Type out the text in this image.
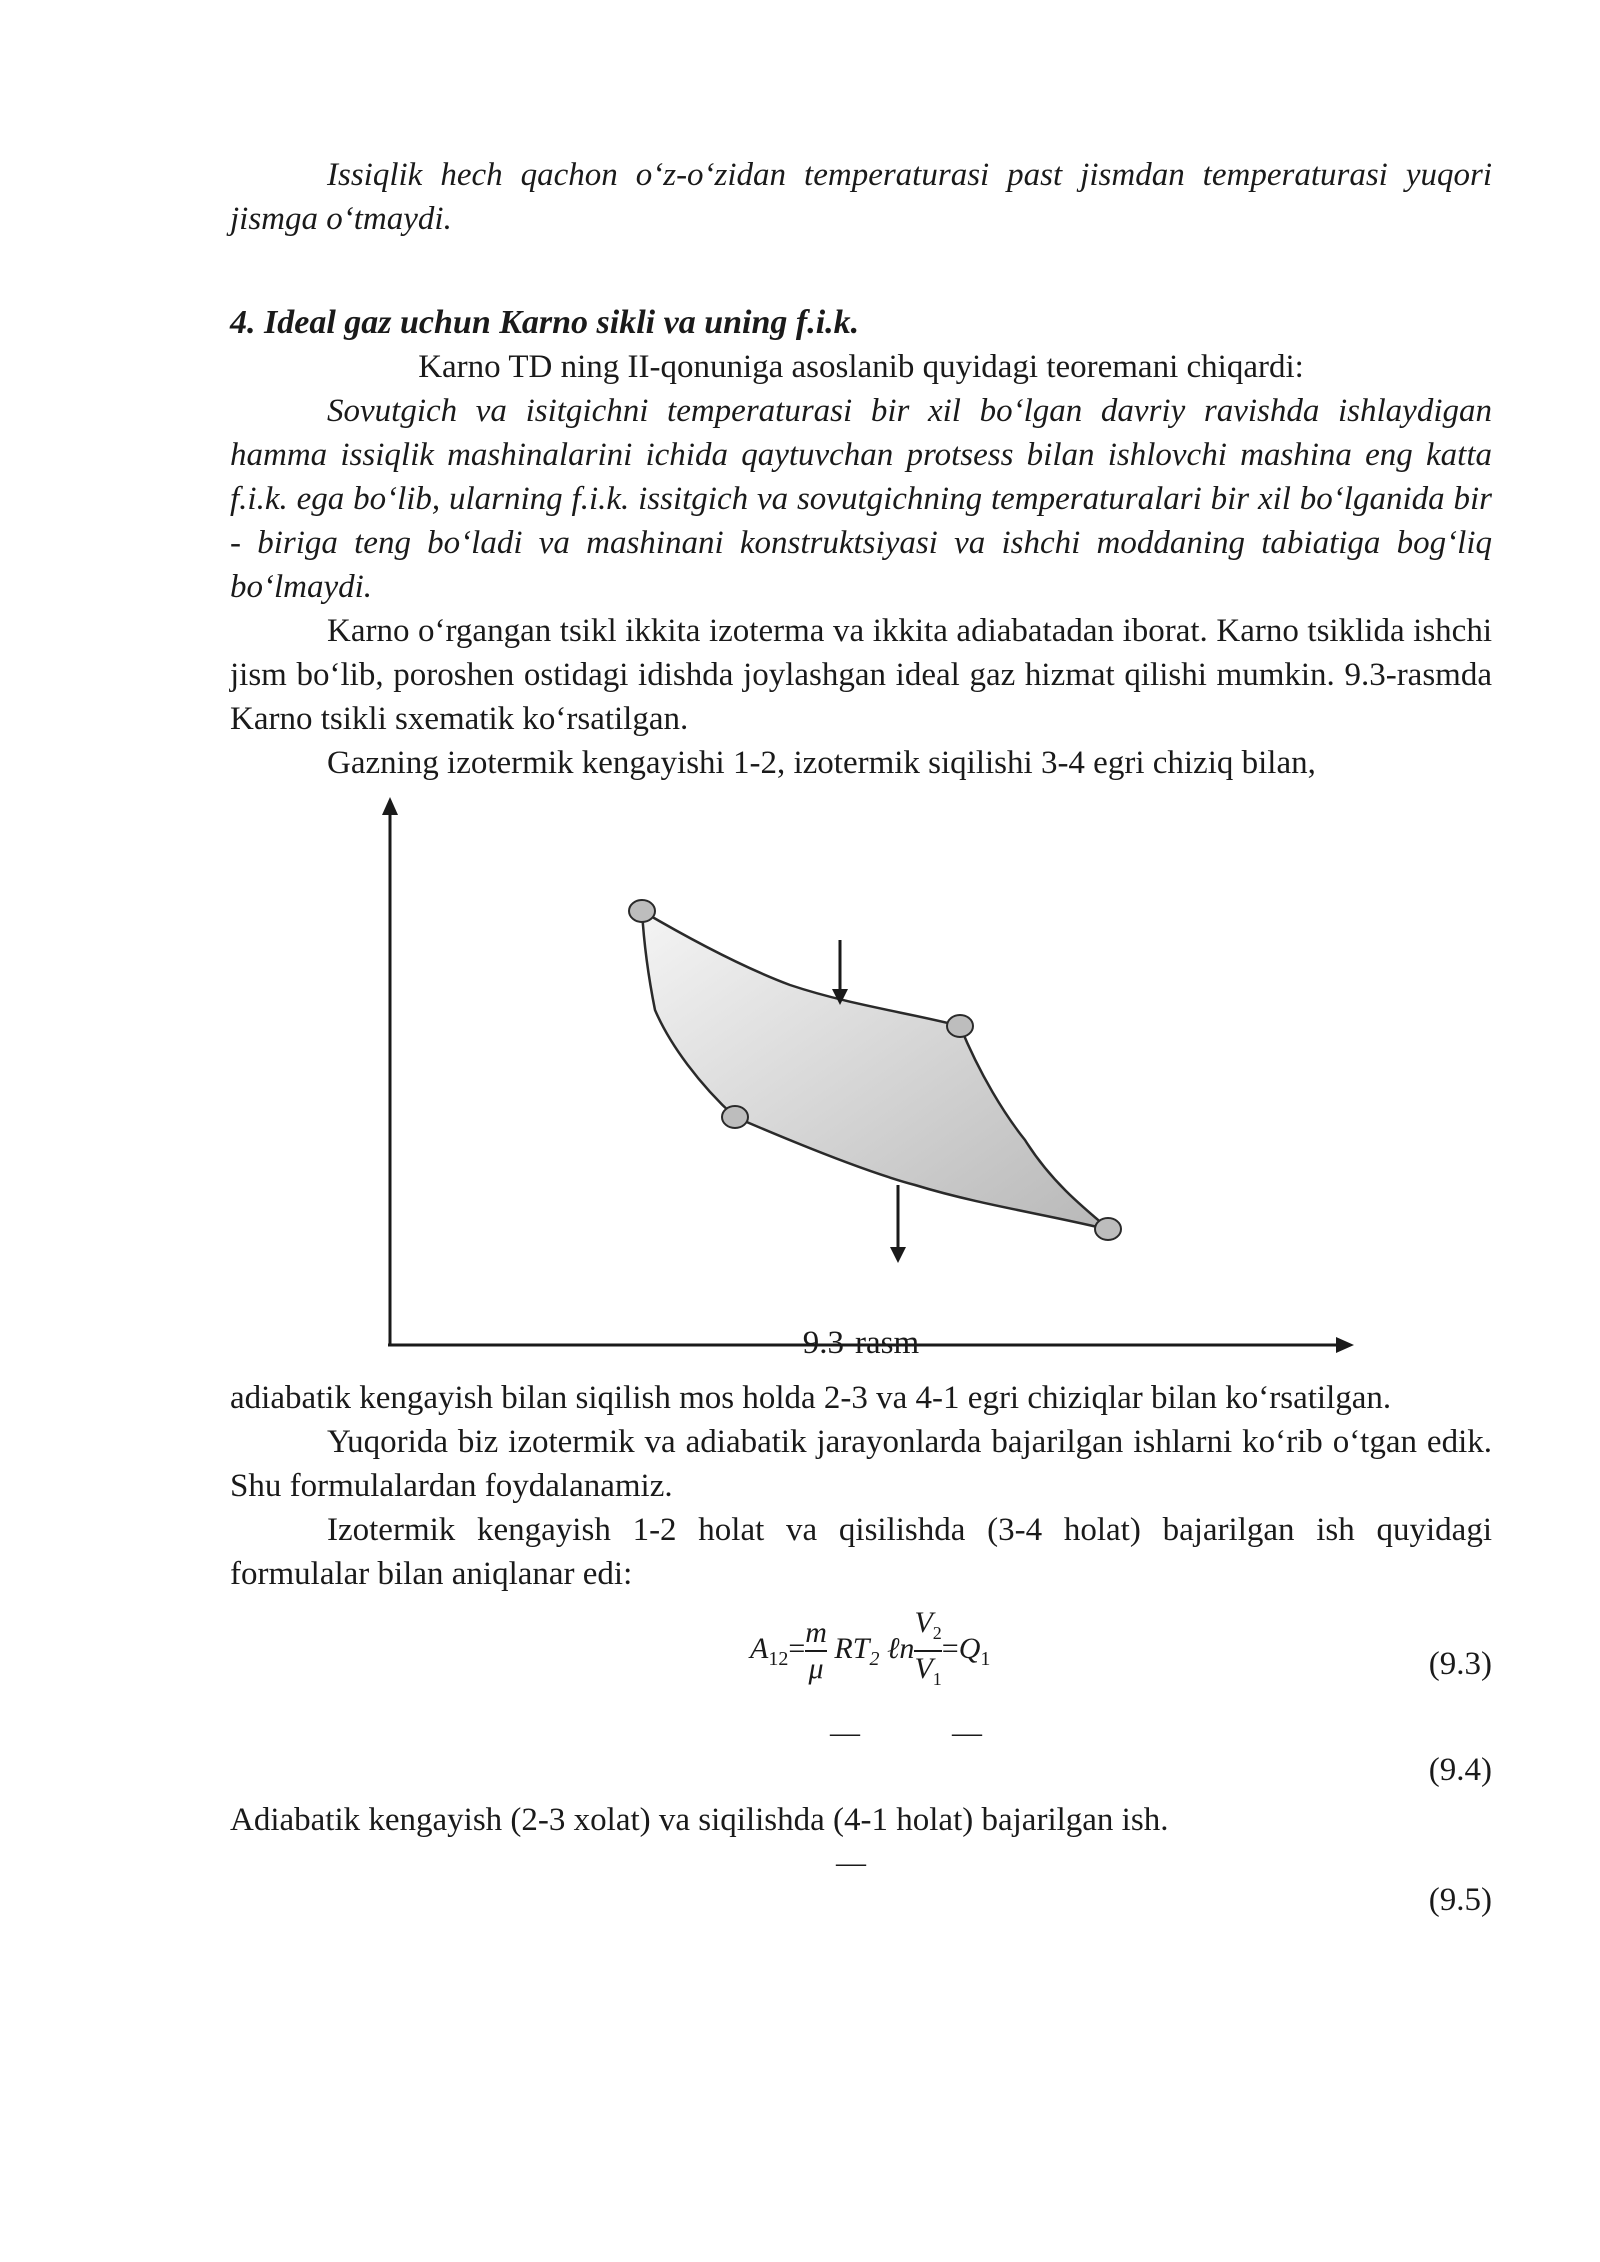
Issiqlik hech qachon o‘z-o‘zidan temperaturasi past jismdan temperaturasi yuqori jismga o‘tmaydi.

4. Ideal gaz uchun Karno sikli va uning f.i.k.

Karno TD ning II-qonuniga asoslanib quyidagi teoremani chiqardi:

Sovutgich va isitgichni temperaturasi bir xil bo‘lgan davriy ravishda ishlaydigan hamma issiqlik mashinalarini ichida qaytuvchan protsess bilan ishlovchi mashina eng katta f.i.k. ega bo‘lib, ularning f.i.k. issitgich va sovutgichning temperaturalari bir xil bo‘lganida bir - biriga teng bo‘ladi va mashinani konstruktsiyasi va ishchi moddaning tabiatiga bog‘liq bo‘lmaydi.

Karno o‘rgangan tsikl ikkita izoterma va ikkita adiabatadan iborat. Karno tsiklida ishchi jism bo‘lib, poroshen ostidagi idishda joylashgan ideal gaz hizmat qilishi mumkin. 9.3-rasmda Karno tsikli sxematik ko‘rsatilgan.

Gazning izotermik kengayishi 1-2, izotermik siqilishi 3-4 egri chiziq bilan,

9.3-rasm

adiabatik kengayish bilan siqilish mos holda 2-3 va 4-1 egri chiziqlar bilan ko‘rsatilgan.

Yuqorida biz izotermik va adiabatik jarayonlarda bajarilgan ishlarni ko‘rib o‘tgan edik. Shu formulalardan foydalanamiz.

Izotermik kengayish 1-2 holat va qisilishda (3-4 holat) bajarilgan ish quyidagi formulalar bilan aniqlanar edi:

$A_{12}= \frac{m}{\mu} RT_2$ ℓn $\frac{V_2}{V_1} =Q_1$	(9.3)
—	—
(9.4)

Adiabatik kengayish (2-3 xolat) va siqilishda (4-1 holat) bajarilgan ish.

—
(9.5)
